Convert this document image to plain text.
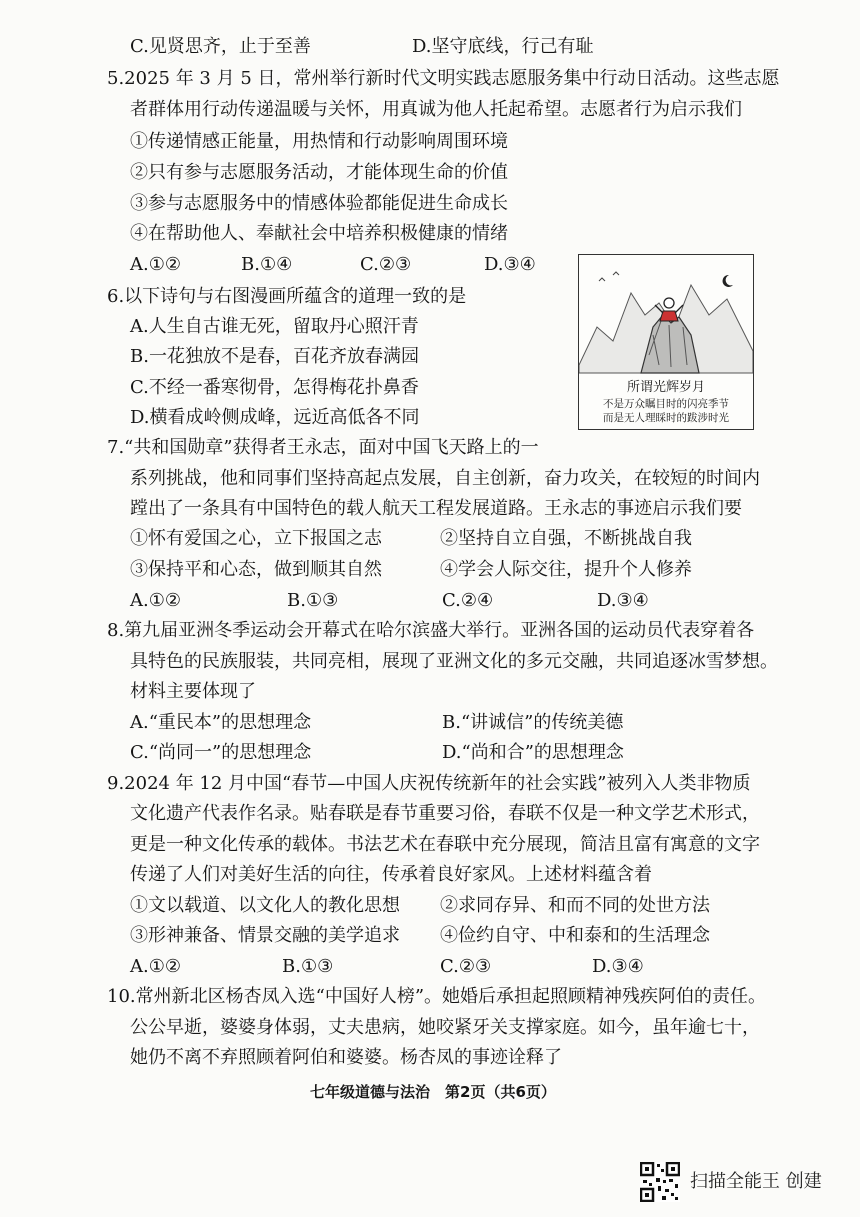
C.见贤思齐，止于至善	D.坚守底线，行己有耻
5.2025 年 3 月 5 日，常州举行新时代文明实践志愿服务集中行动日活动。这些志愿
者群体用行动传递温暖与关怀，用真诚为他人托起希望。志愿者行为启示我们
①传递情感正能量，用热情和行动影响周围环境
②只有参与志愿服务活动，才能体现生命的价值
③参与志愿服务中的情感体验都能促进生命成长
④在帮助他人、奉献社会中培养积极健康的情绪
A.①②	B.①④	C.②③	D.③④
6.以下诗句与右图漫画所蕴含的道理一致的是
A.人生自古谁无死，留取丹心照汗青
B.一花独放不是春，百花齐放春满园
C.不经一番寒彻骨，怎得梅花扑鼻香
D.横看成岭侧成峰，远近高低各不同
所谓光辉岁月
不是万众瞩目时的闪亮季节
而是无人理睬时的跋涉时光
7.“共和国勋章”获得者王永志，面对中国飞天路上的一
系列挑战，他和同事们坚持高起点发展，自主创新，奋力攻关，在较短的时间内
蹚出了一条具有中国特色的载人航天工程发展道路。王永志的事迹启示我们要
①怀有爱国之心，立下报国之志	②坚持自立自强，不断挑战自我
③保持平和心态，做到顺其自然	④学会人际交往，提升个人修养
A.①②	B.①③	C.②④	D.③④
8.第九届亚洲冬季运动会开幕式在哈尔滨盛大举行。亚洲各国的运动员代表穿着各
具特色的民族服装，共同亮相，展现了亚洲文化的多元交融，共同追逐冰雪梦想。
材料主要体现了
A.“重民本”的思想理念	B.“讲诚信”的传统美德
C.“尚同一”的思想理念	D.“尚和合”的思想理念
9.2024 年 12 月中国“春节—中国人庆祝传统新年的社会实践”被列入人类非物质
文化遗产代表作名录。贴春联是春节重要习俗，春联不仅是一种文学艺术形式，
更是一种文化传承的载体。书法艺术在春联中充分展现，简洁且富有寓意的文字
传递了人们对美好生活的向往，传承着良好家风。上述材料蕴含着
①文以载道、以文化人的教化思想 ②求同存异、和而不同的处世方法
③形神兼备、情景交融的美学追求 ④俭约自守、中和泰和的生活理念
A.①②	B.①③	C.②③	D.③④
10.常州新北区杨杏凤入选“中国好人榜”。她婚后承担起照顾精神残疾阿伯的责任。
公公早逝，婆婆身体弱，丈夫患病，她咬紧牙关支撑家庭。如今，虽年逾七十，
她仍不离不弃照顾着阿伯和婆婆。杨杏凤的事迹诠释了
七年级道德与法治　第2页（共6页）
扫描全能王 创建
